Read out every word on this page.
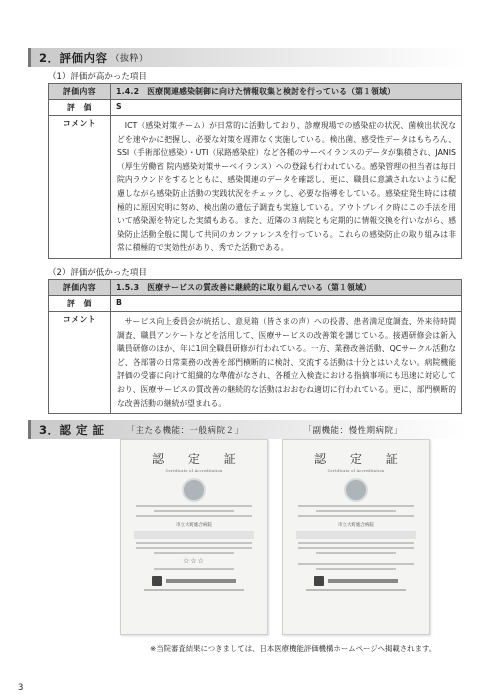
2．評価内容 （抜粋）
（1）評価が高かった項目
評価内容	1.4.2　医療関連感染制御に向けた情報収集と検討を行っている（第１領域）
評　価	S
コメント	ICT（感染対策チーム）が日常的に活動しており、診療現場での感染症の状況、菌検出状況などを速やかに把握し、必要な対策を遅滞なく実施している。検出菌、感受性データはもちろん、SSI（手術部位感染）・UTI（尿路感染症）など各種のサーベイランスのデータが集積され、JANIS（厚生労働省 院内感染対策サーベイランス）への登録も行われている。感染管理の担当者は毎日院内ラウンドをするとともに、感染関連のデータを確認し、更に、職員に意識されないように配慮しながら感染防止活動の実践状況をチェックし、必要な指導をしている。感染症発生時には積極的に原因究明に努め、検出菌の遺伝子調査も実施している。アウトブレイク時にこの手法を用いて感染源を特定した実績もある。また、近隣の３病院とも定期的に情報交換を行いながら、感染防止活動全般に関して共同のカンファレンスを行っている。これらの感染防止の取り組みは非常に積極的で実効性があり、秀でた活動である。
（2）評価が低かった項目
評価内容	1.5.3　医療サービスの質改善に継続的に取り組んでいる（第１領域）
評　価	B
コメント	サービス向上委員会が統括し、意見箱（皆さまの声）への投書、患者満足度調査、外来待時間調査、職員アンケートなどを活用して、医療サービスの改善策を講じている。接遇研修会は新入職員研修のほか、年に1回全職員研修が行われている。一方、業務改善活動、QCサークル活動など、各部署の日常業務の改善を部門横断的に検討、交流する活動は十分とはいえない。病院機能評価の受審に向けて組織的な準備がなされ、各種立入検査における指摘事項にも迅速に対応しており、医療サービスの質改善の継続的な活動はおおむね適切に行われている。更に、部門横断的な改善活動の継続が望まれる。
3．認 定 証	「主たる機能：一般病院２」	「副機能：慢性期病院」
認 定 証
Certificate of Accreditation
市立大町総合病院
☆☆☆
認 定 証
Certificate of Accreditation
市立大町総合病院
※当院審査結果につきましては、日本医療機能評価機構ホームページへ掲載されます。
3
